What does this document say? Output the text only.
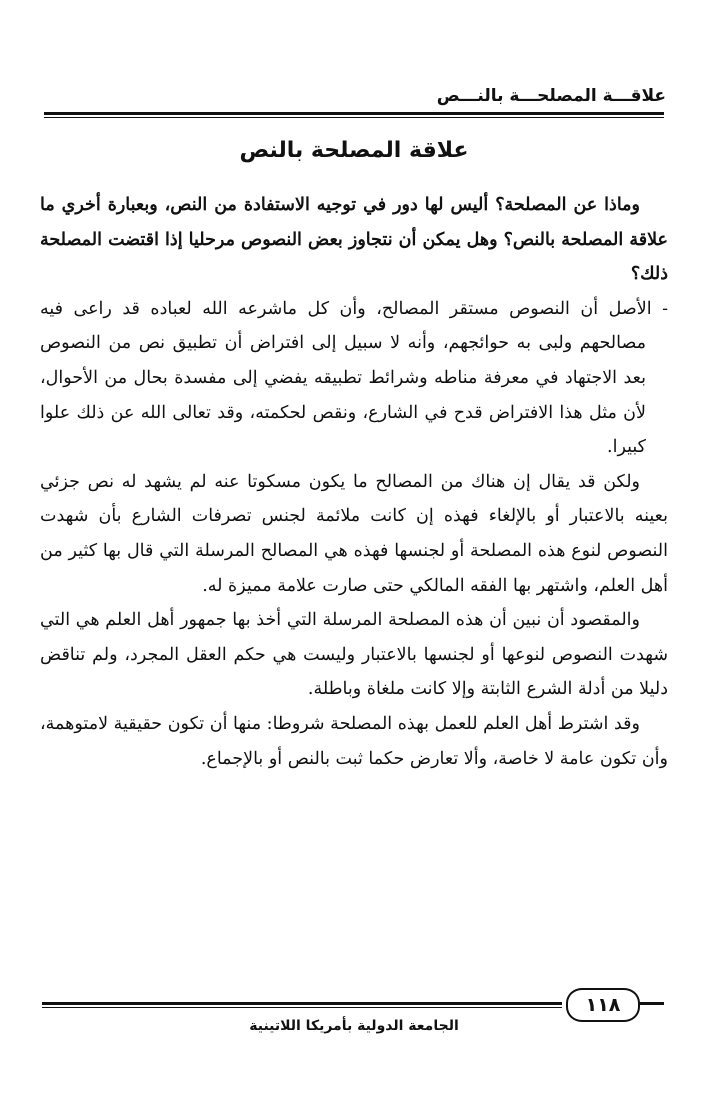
علاقـــة المصلحـــة بالنـــص
علاقة المصلحة بالنص

وماذا عن المصلحة؟ أليس لها دور في توجيه الاستفادة من النص، وبعبارة أخري ما علاقة المصلحة بالنص؟ وهل يمكن أن نتجاوز بعض النصوص مرحليا إذا اقتضت المصلحة ذلك؟

- الأصل أن النصوص مستقر المصالح، وأن كل ماشرعه الله لعباده قد راعى فيه مصالحهم ولبى به حوائجهم، وأنه لا سبيل إلى افتراض أن تطبيق نص من النصوص بعد الاجتهاد في معرفة مناطه وشرائط تطبيقه يفضي إلى مفسدة بحال من الأحوال، لأن مثل هذا الافتراض قدح في الشارع، ونقص لحكمته، وقد تعالى الله عن ذلك علوا كبيرا.

ولكن قد يقال إن هناك من المصالح ما يكون مسكوتا عنه لم يشهد له نص جزئي بعينه بالاعتبار أو بالإلغاء فهذه إن كانت ملائمة لجنس تصرفات الشارع بأن شهدت النصوص لنوع هذه المصلحة أو لجنسها فهذه هي المصالح المرسلة التي قال بها كثير من أهل العلم، واشتهر بها الفقه المالكي حتى صارت علامة مميزة له.

والمقصود أن نبين أن هذه المصلحة المرسلة التي أخذ بها جمهور أهل العلم هي التي شهدت النصوص لنوعها أو لجنسها بالاعتبار وليست هي حكم العقل المجرد، ولم تناقض دليلا من أدلة الشرع الثابتة وإلا كانت ملغاة وباطلة.

وقد اشترط أهل العلم للعمل بهذه المصلحة شروطا: منها أن تكون حقيقية لامتوهمة، وأن تكون عامة لا خاصة، وألا تعارض حكما ثبت بالنص أو بالإجماع.

١١٨
الجامعة الدولية بأمريكا اللاتينية
